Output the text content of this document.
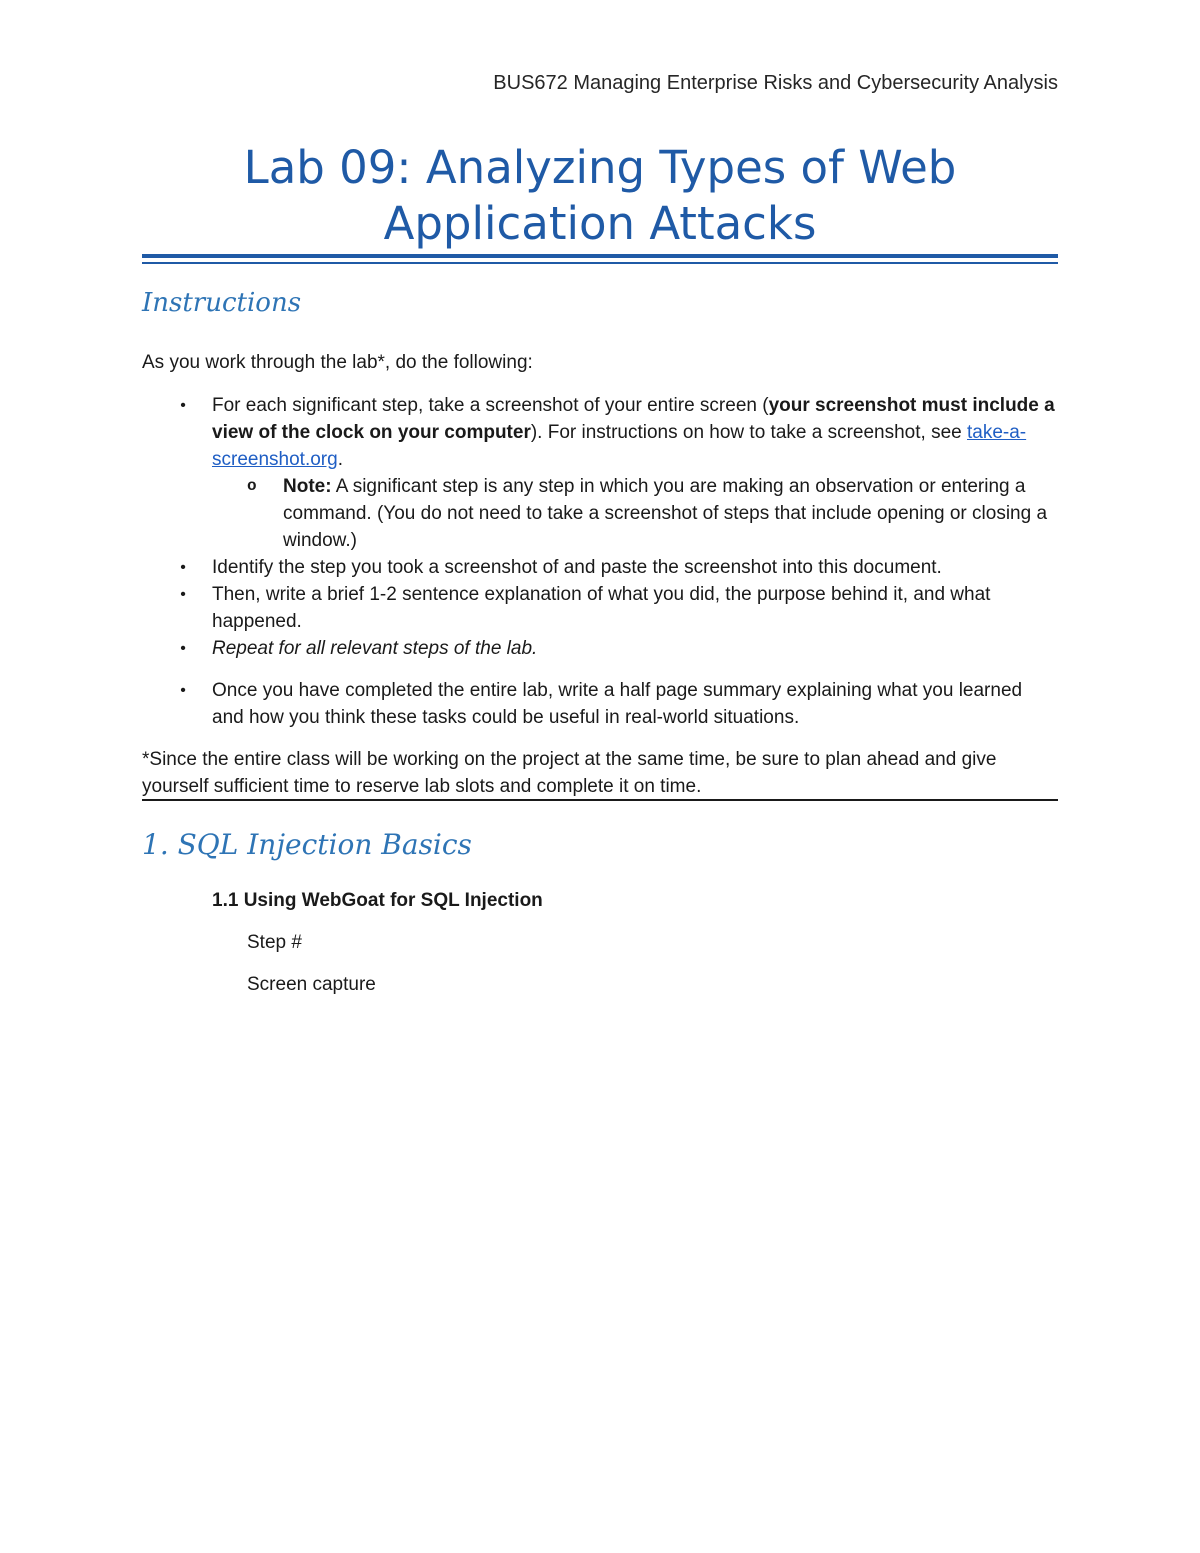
BUS672 Managing Enterprise Risks and Cybersecurity Analysis
Lab 09: Analyzing Types of Web
Application Attacks
Instructions
As you work through the lab*, do the following:
• For each significant step, take a screenshot of your entire screen (your screenshot must include a view of the clock on your computer). For instructions on how to take a screenshot, see take-a-screenshot.org.
o Note: A significant step is any step in which you are making an observation or entering a command. (You do not need to take a screenshot of steps that include opening or closing a window.)
• Identify the step you took a screenshot of and paste the screenshot into this document.
• Then, write a brief 1-2 sentence explanation of what you did, the purpose behind it, and what happened.
• Repeat for all relevant steps of the lab.
• Once you have completed the entire lab, write a half page summary explaining what you learned and how you think these tasks could be useful in real-world situations.
*Since the entire class will be working on the project at the same time, be sure to plan ahead and give yourself sufficient time to reserve lab slots and complete it on time.
1. SQL Injection Basics
1.1 Using WebGoat for SQL Injection
Step #
Screen capture
